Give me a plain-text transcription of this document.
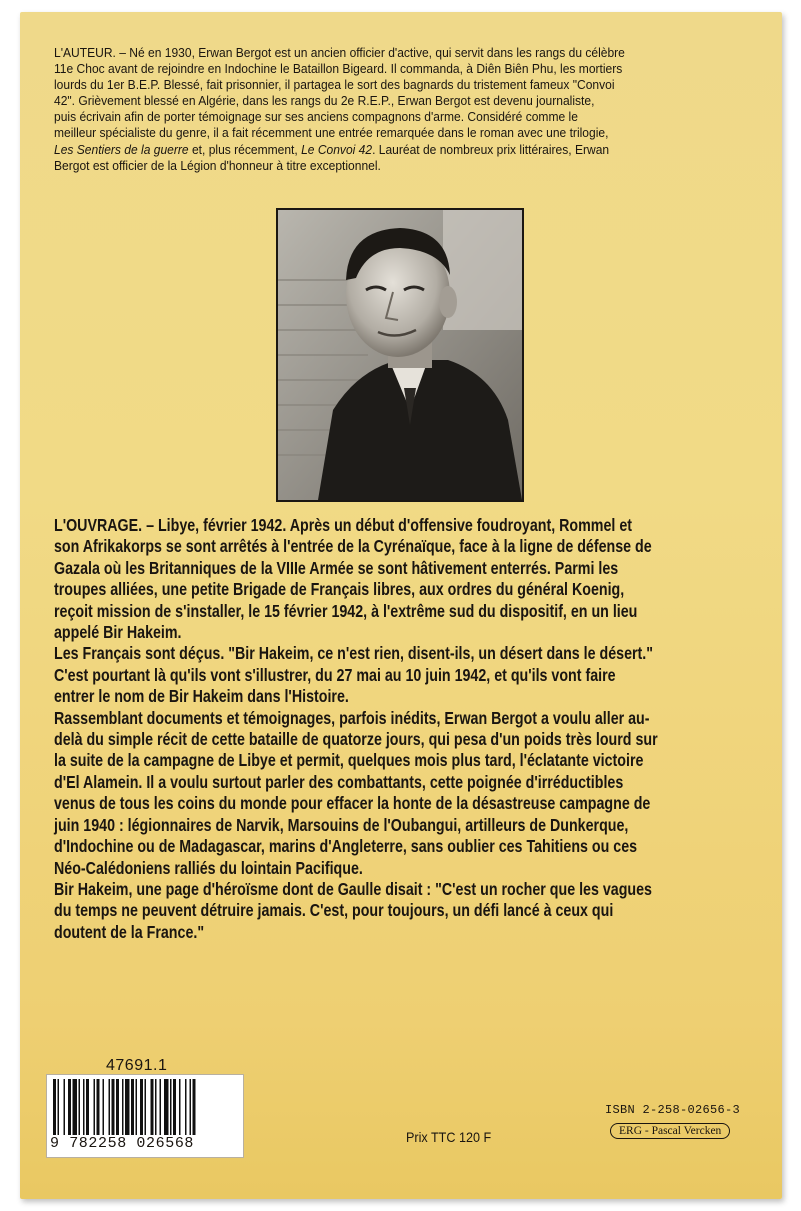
L'AUTEUR. – Né en 1930, Erwan Bergot est un ancien officier d'active, qui servit dans les rangs du célèbre
11e Choc avant de rejoindre en Indochine le Bataillon Bigeard. Il commanda, à Diên Biên Phu, les mortiers
lourds du 1er B.E.P. Blessé, fait prisonnier, il partagea le sort des bagnards du tristement fameux "Convoi
42". Grièvement blessé en Algérie, dans les rangs du 2e R.E.P., Erwan Bergot est devenu journaliste,
puis écrivain afin de porter témoignage sur ses anciens compagnons d'arme. Considéré comme le
meilleur spécialiste du genre, il a fait récemment une entrée remarquée dans le roman avec une trilogie,
Les Sentiers de la guerre et, plus récemment, Le Convoi 42. Lauréat de nombreux prix littéraires, Erwan
Bergot est officier de la Légion d'honneur à titre exceptionnel.

L'OUVRAGE. – Libye, février 1942. Après un début d'offensive foudroyant, Rommel et

son Afrikakorps se sont arrêtés à l'entrée de la Cyrénaïque, face à la ligne de défense de

Gazala où les Britanniques de la VIIIe Armée se sont hâtivement enterrés. Parmi les

troupes alliées, une petite Brigade de Français libres, aux ordres du général Koenig,

reçoit mission de s'installer, le 15 février 1942, à l'extrême sud du dispositif, en un lieu

appelé Bir Hakeim.

Les Français sont déçus. "Bir Hakeim, ce n'est rien, disent-ils, un désert dans le désert."

C'est pourtant là qu'ils vont s'illustrer, du 27 mai au 10 juin 1942, et qu'ils vont faire

entrer le nom de Bir Hakeim dans l'Histoire.

Rassemblant documents et témoignages, parfois inédits, Erwan Bergot a voulu aller au-

delà du simple récit de cette bataille de quatorze jours, qui pesa d'un poids très lourd sur

la suite de la campagne de Libye et permit, quelques mois plus tard, l'éclatante victoire

d'El Alamein. Il a voulu surtout parler des combattants, cette poignée d'irréductibles

venus de tous les coins du monde pour effacer la honte de la désastreuse campagne de

juin 1940 : légionnaires de Narvik, Marsouins de l'Oubangui, artilleurs de Dunkerque,

d'Indochine ou de Madagascar, marins d'Angleterre, sans oublier ces Tahitiens ou ces

Néo-Calédoniens ralliés du lointain Pacifique.

Bir Hakeim, une page d'héroïsme dont de Gaulle disait : "C'est un rocher que les vagues

du temps ne peuvent détruire jamais. C'est, pour toujours, un défi lancé à ceux qui

doutent de la France."

47691.1
9 782258 026568	Prix TTC 120 F
ISBN 2-258-02656-3
ERG - Pascal Vercken
